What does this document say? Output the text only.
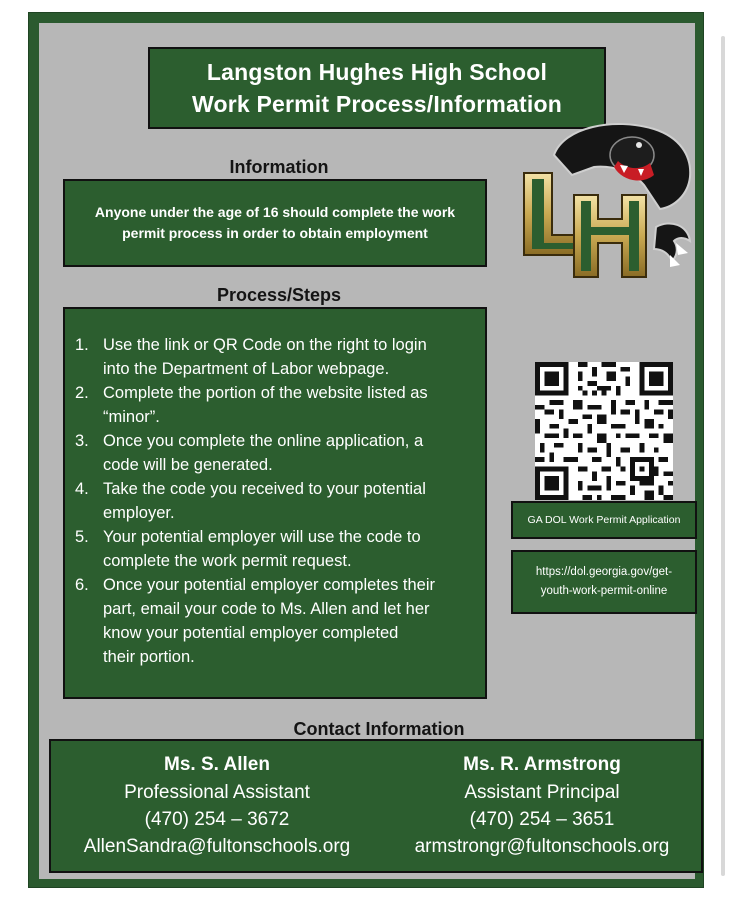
Langston Hughes High School
Work Permit Process/Information
Information
Anyone under the age of 16 should complete the work
permit process in order to obtain employment
Process/Steps
1. Use the link or QR Code on the right to login
into the Department of Labor webpage.
2. Complete the portion of the website listed as
“minor”.
3. Once you complete the online application, a
code will be generated.
4. Take the code you received to your potential
employer.
5. Your potential employer will use the code to
complete the work permit request.
6. Once your potential employer completes their
part, email your code to Ms. Allen and let her
know your potential employer completed
their portion.
GA DOL Work Permit Application
https://dol.georgia.gov/get-
youth-work-permit-online
Contact Information
Ms. S. Allen
Professional Assistant
(470) 254 – 3672
AllenSandra@fultonschools.org
Ms. R. Armstrong
Assistant Principal
(470) 254 – 3651
armstrongr@fultonschools.org
